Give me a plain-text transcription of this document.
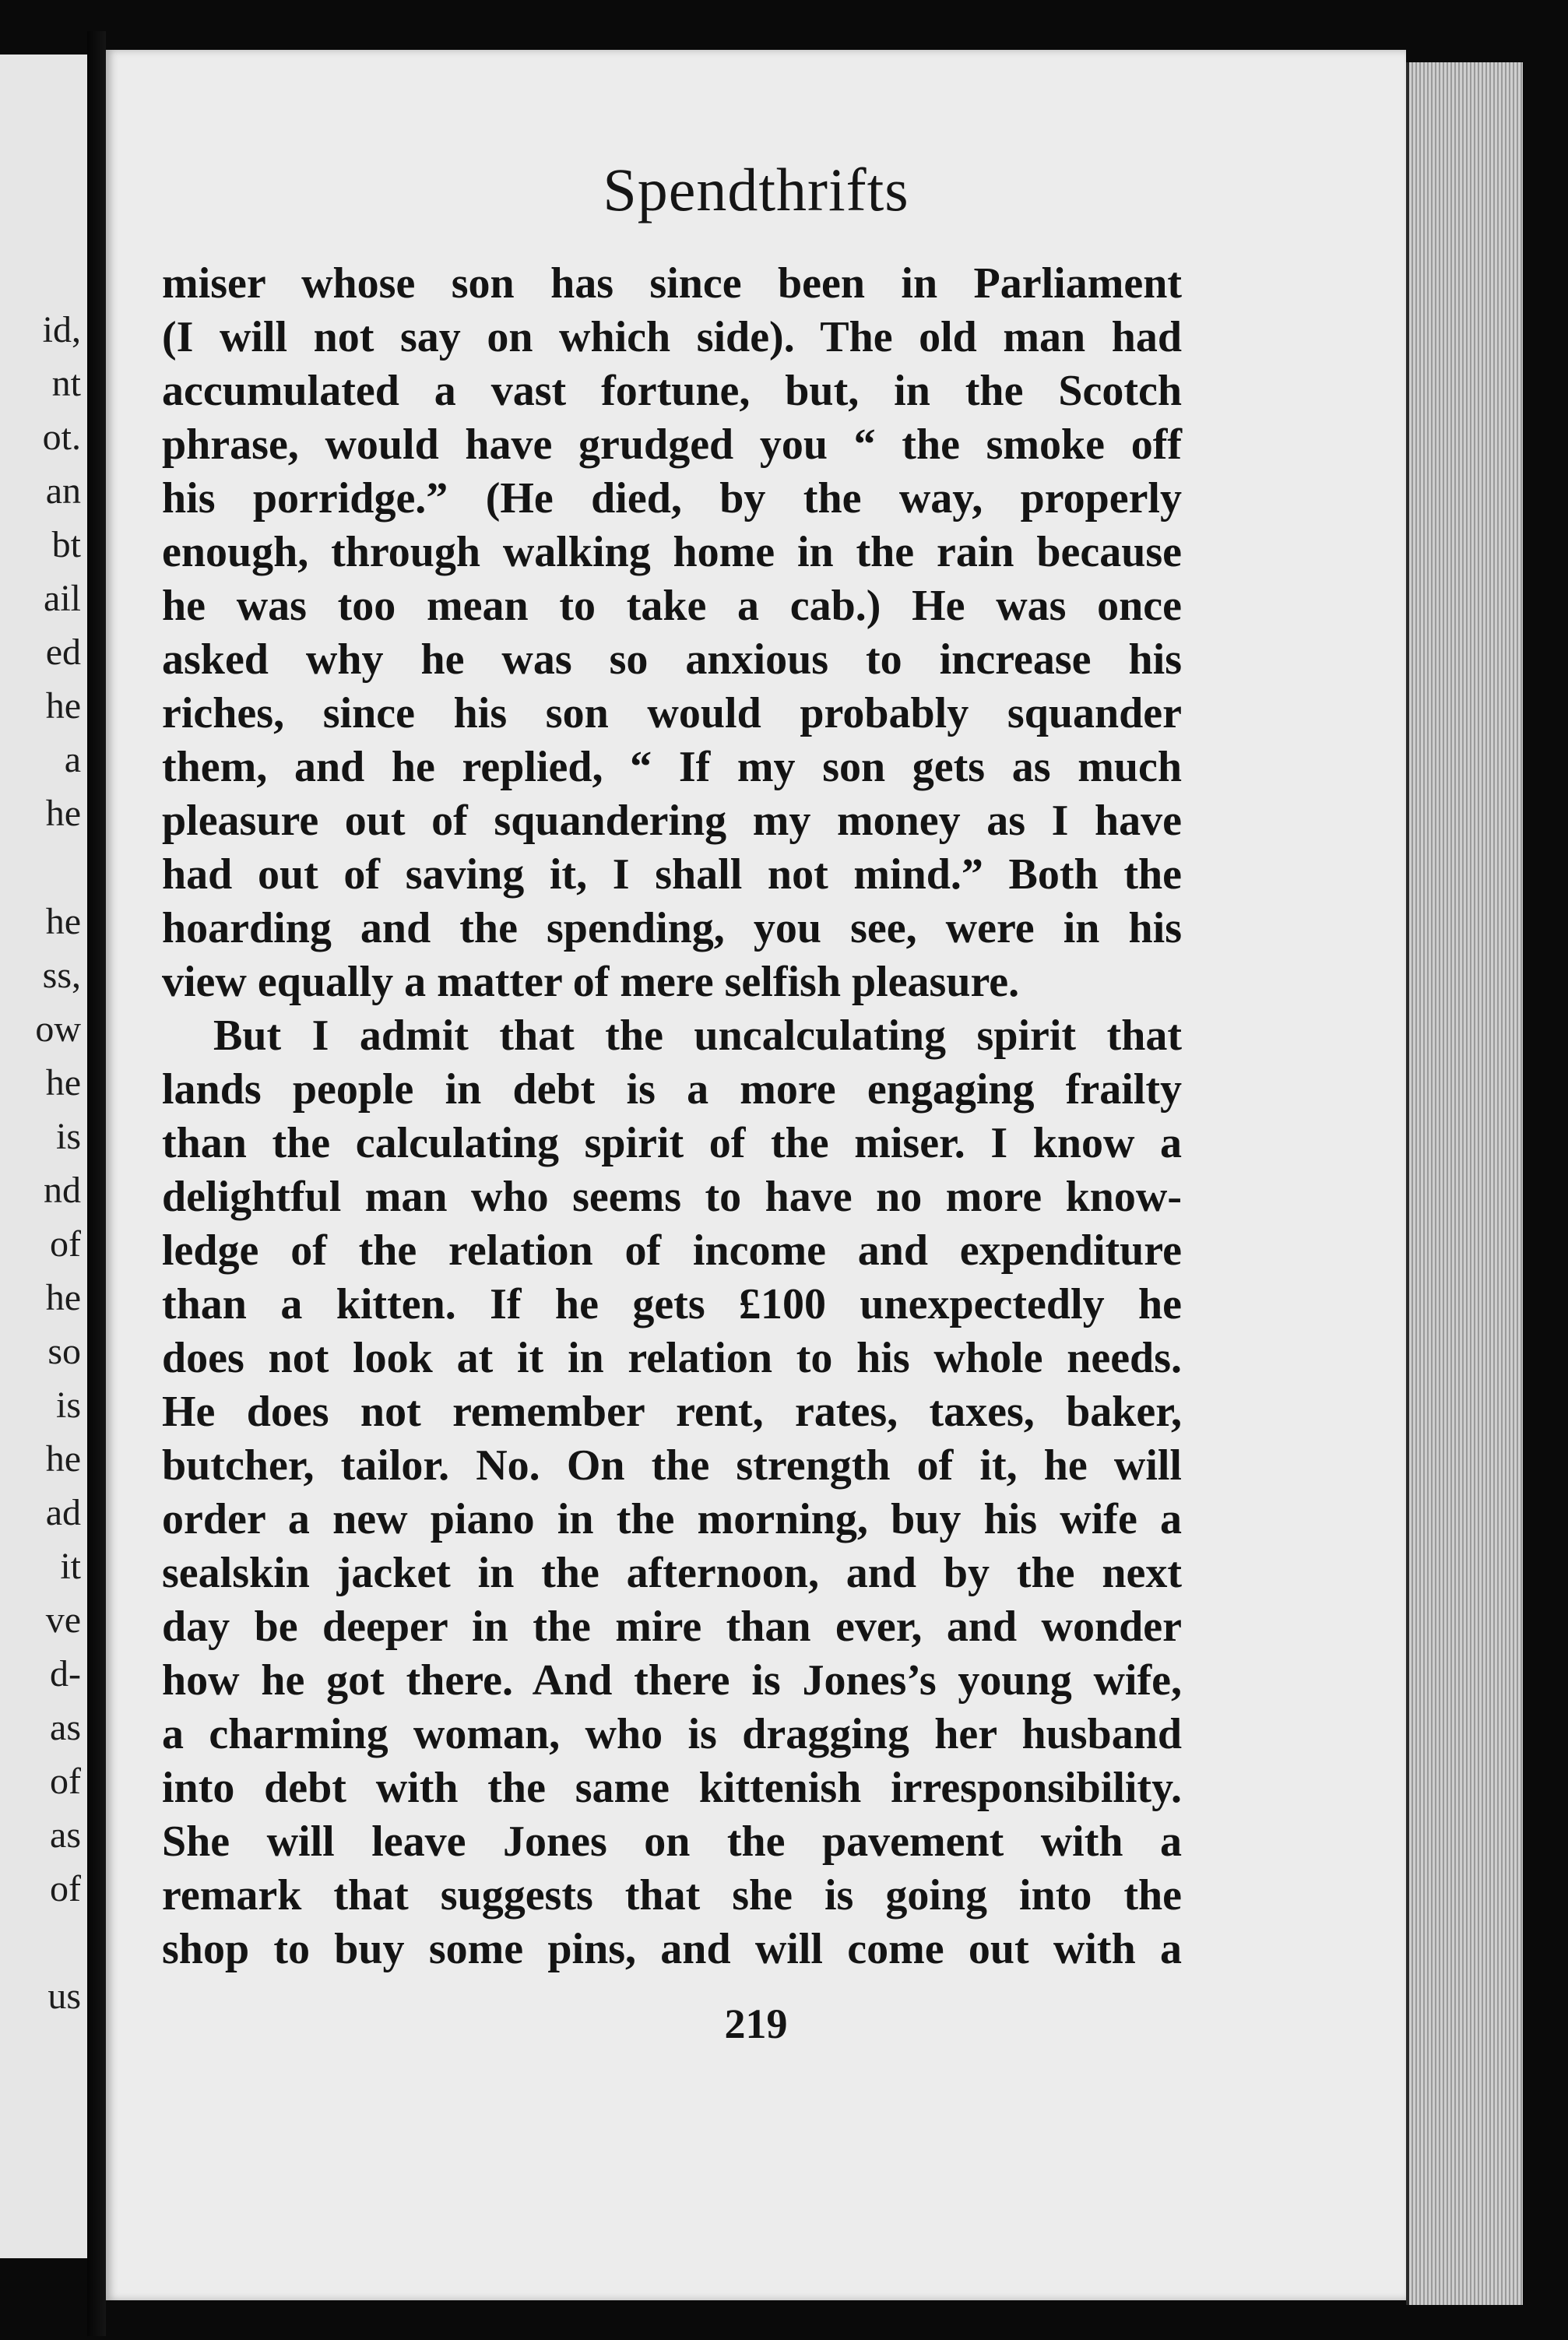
id,
nt
ot.
an
bt
ail
ed
he
a
he
he
ss,
ow
he
is
nd
of
he
so
is
he
ad
it
ve
d-
as
of
as
of
us
Spendthrifts
miser whose son has since been in Parliament
(I will not say on which side). The old man had
accumulated a vast fortune, but, in the Scotch
phrase, would have grudged you “ the smoke off
his porridge.” (He died, by the way, properly
enough, through walking home in the rain because
he was too mean to take a cab.) He was once
asked why he was so anxious to increase his
riches, since his son would probably squander
them, and he replied, “ If my son gets as much
pleasure out of squandering my money as I have
had out of saving it, I shall not mind.” Both the
hoarding and the spending, you see, were in his
view equally a matter of mere selfish pleasure.
But I admit that the uncalculating spirit that
lands people in debt is a more engaging frailty
than the calculating spirit of the miser. I know a
delightful man who seems to have no more know-
ledge of the relation of income and expenditure
than a kitten. If he gets £100 unexpectedly he
does not look at it in relation to his whole needs.
He does not remember rent, rates, taxes, baker,
butcher, tailor. No. On the strength of it, he will
order a new piano in the morning, buy his wife a
sealskin jacket in the afternoon, and by the next
day be deeper in the mire than ever, and wonder
how he got there. And there is Jones’s young wife,
a charming woman, who is dragging her husband
into debt with the same kittenish irresponsibility.
She will leave Jones on the pavement with a
remark that suggests that she is going into the
shop to buy some pins, and will come out with a
219
